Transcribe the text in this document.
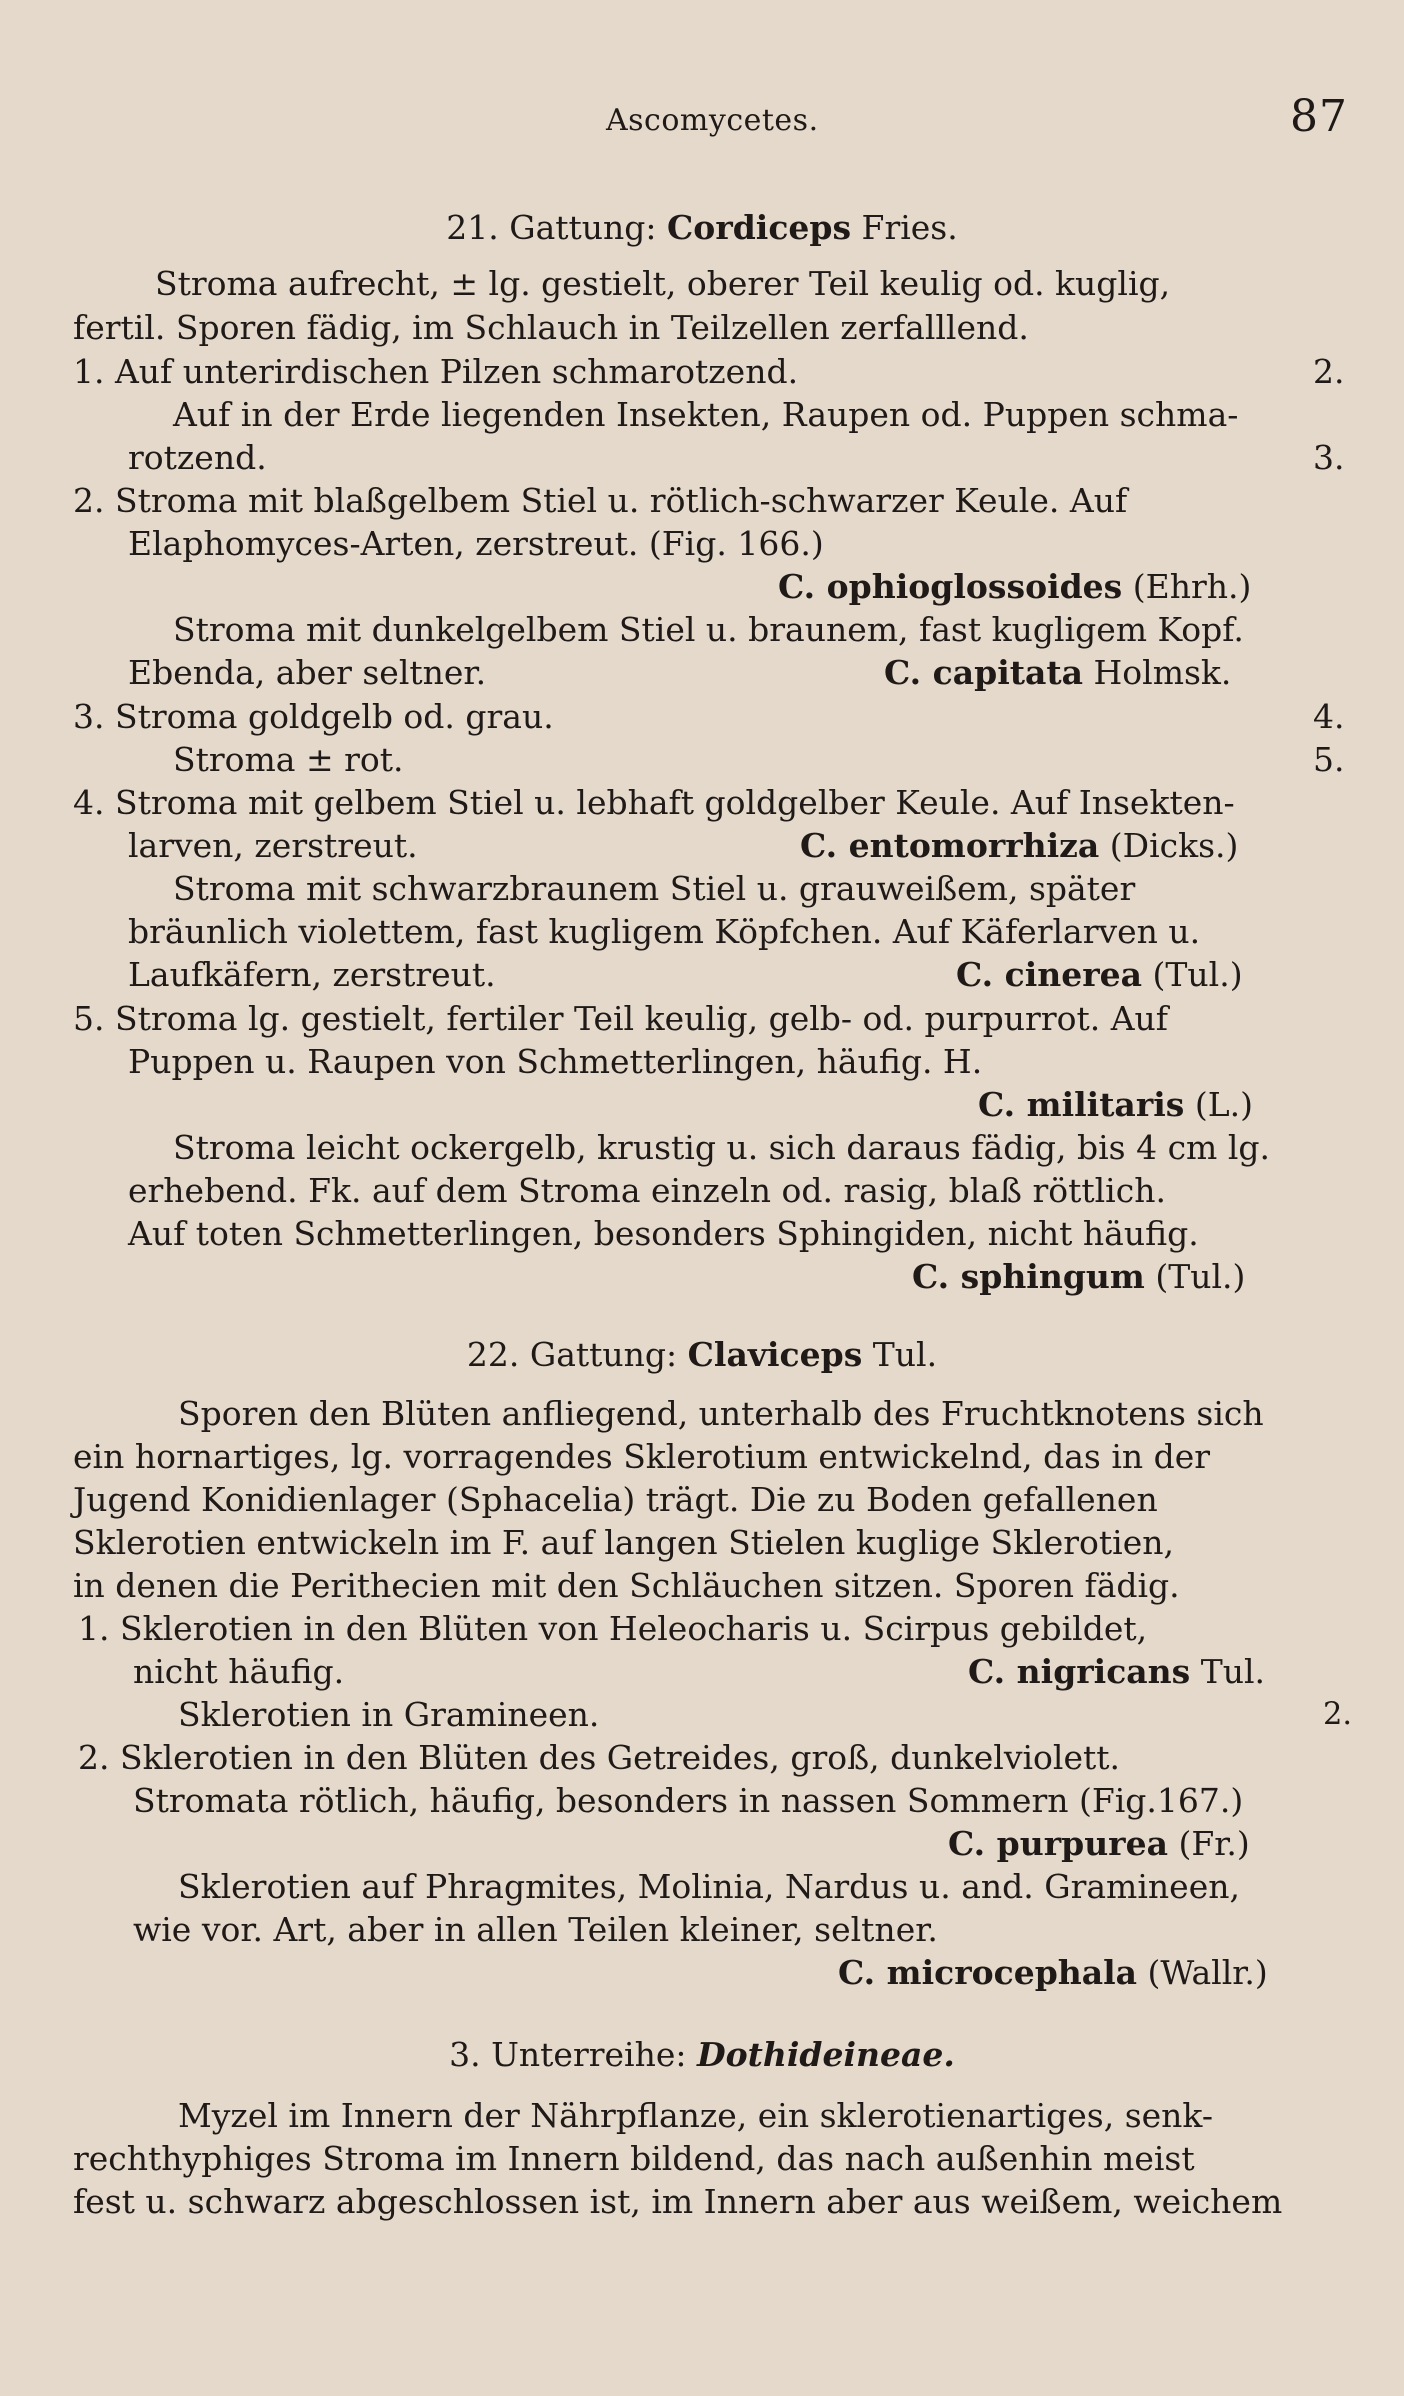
Ascomycetes.	87
21. Gattung: Cordiceps Fries.
Stroma aufrecht, ± lg. gestielt, oberer Teil keulig od. kuglig,
fertil. Sporen fädig, im Schlauch in Teilzellen zerfalllend.
1. Auf unterirdischen Pilzen schmarotzend.	2.
Auf in der Erde liegenden Insekten, Raupen od. Puppen schma-
rotzend.	3.
2. Stroma mit blaßgelbem Stiel u. rötlich-schwarzer Keule. Auf
Elaphomyces-Arten, zerstreut. (Fig. 166.)
C. ophioglossoides (Ehrh.)
Stroma mit dunkelgelbem Stiel u. braunem, fast kugligem Kopf.
Ebenda, aber seltner.	C. capitata Holmsk.
3. Stroma goldgelb od. grau.	4.
Stroma ± rot.	5.
4. Stroma mit gelbem Stiel u. lebhaft goldgelber Keule. Auf Insekten-
larven, zerstreut.	C. entomorrhiza (Dicks.)
Stroma mit schwarzbraunem Stiel u. grauweißem, später
bräunlich violettem, fast kugligem Köpfchen. Auf Käferlarven u.
Laufkäfern, zerstreut.	C. cinerea (Tul.)
5. Stroma lg. gestielt, fertiler Teil keulig, gelb- od. purpurrot. Auf
Puppen u. Raupen von Schmetterlingen, häufig. H.
C. militaris (L.)
Stroma leicht ockergelb, krustig u. sich daraus fädig, bis 4 cm lg.
erhebend. Fk. auf dem Stroma einzeln od. rasig, blaß röttlich.
Auf toten Schmetterlingen, besonders Sphingiden, nicht häufig.
C. sphingum (Tul.)
22. Gattung: Claviceps Tul.
Sporen den Blüten anfliegend, unterhalb des Fruchtknotens sich
ein hornartiges, lg. vorragendes Sklerotium entwickelnd, das in der
Jugend Konidienlager (Sphacelia) trägt. Die zu Boden gefallenen
Sklerotien entwickeln im F. auf langen Stielen kuglige Sklerotien,
in denen die Perithecien mit den Schläuchen sitzen. Sporen fädig.
1. Sklerotien in den Blüten von Heleocharis u. Scirpus gebildet,
nicht häufig.	C. nigricans Tul.
Sklerotien in Gramineen.	2.
2. Sklerotien in den Blüten des Getreides, groß, dunkelviolett.
Stromata rötlich, häufig, besonders in nassen Sommern (Fig.167.)
C. purpurea (Fr.)
Sklerotien auf Phragmites, Molinia, Nardus u. and. Gramineen,
wie vor. Art, aber in allen Teilen kleiner, seltner.
C. microcephala (Wallr.)
3. Unterreihe: Dothideineae.
Myzel im Innern der Nährpflanze, ein sklerotienartiges, senk-
rechthyphiges Stroma im Innern bildend, das nach außenhin meist
fest u. schwarz abgeschlossen ist, im Innern aber aus weißem, weichem
